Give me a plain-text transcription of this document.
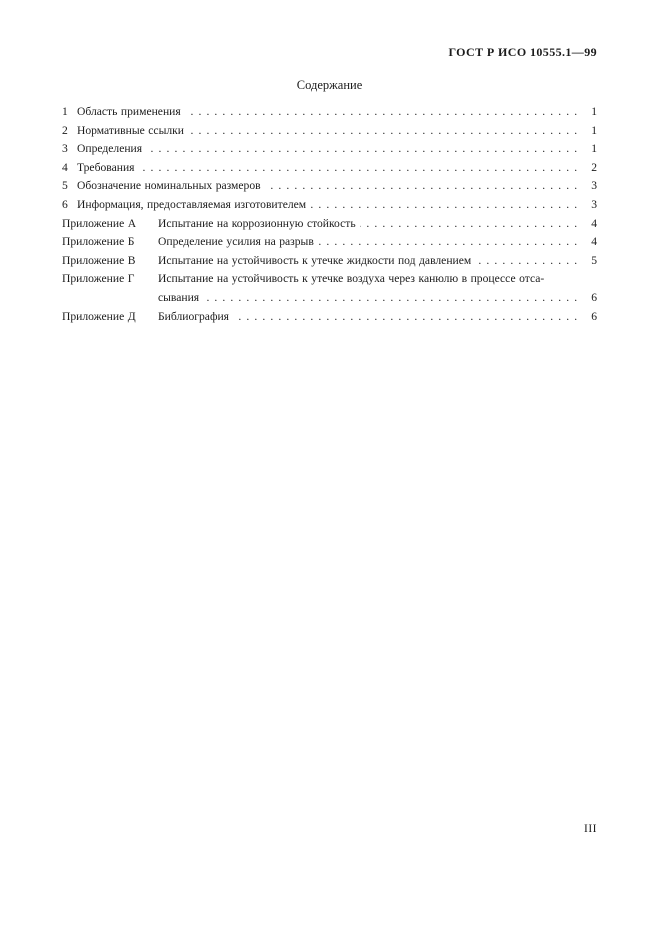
ГОСТ Р ИСО 10555.1—99
Содержание
1 Область применения . . .	1
2 Нормативные ссылки . . .	1
3 Определения . . .	1
4 Требования . . .	2
5 Обозначение номинальных размеров . . .	3
6 Информация, предоставляемая изготовителем . . .	3
Приложение А	Испытание на коррозионную стойкость . . .	4
Приложение Б	Определение усилия на разрыв . . .	4
Приложение В	Испытание на устойчивость к утечке жидкости под давлением . . .	5
Приложение Г	Испытание на устойчивость к утечке воздуха через канюлю в процессе отса-
сывания . . .	6
Приложение Д	Библиография . . .	6
III
